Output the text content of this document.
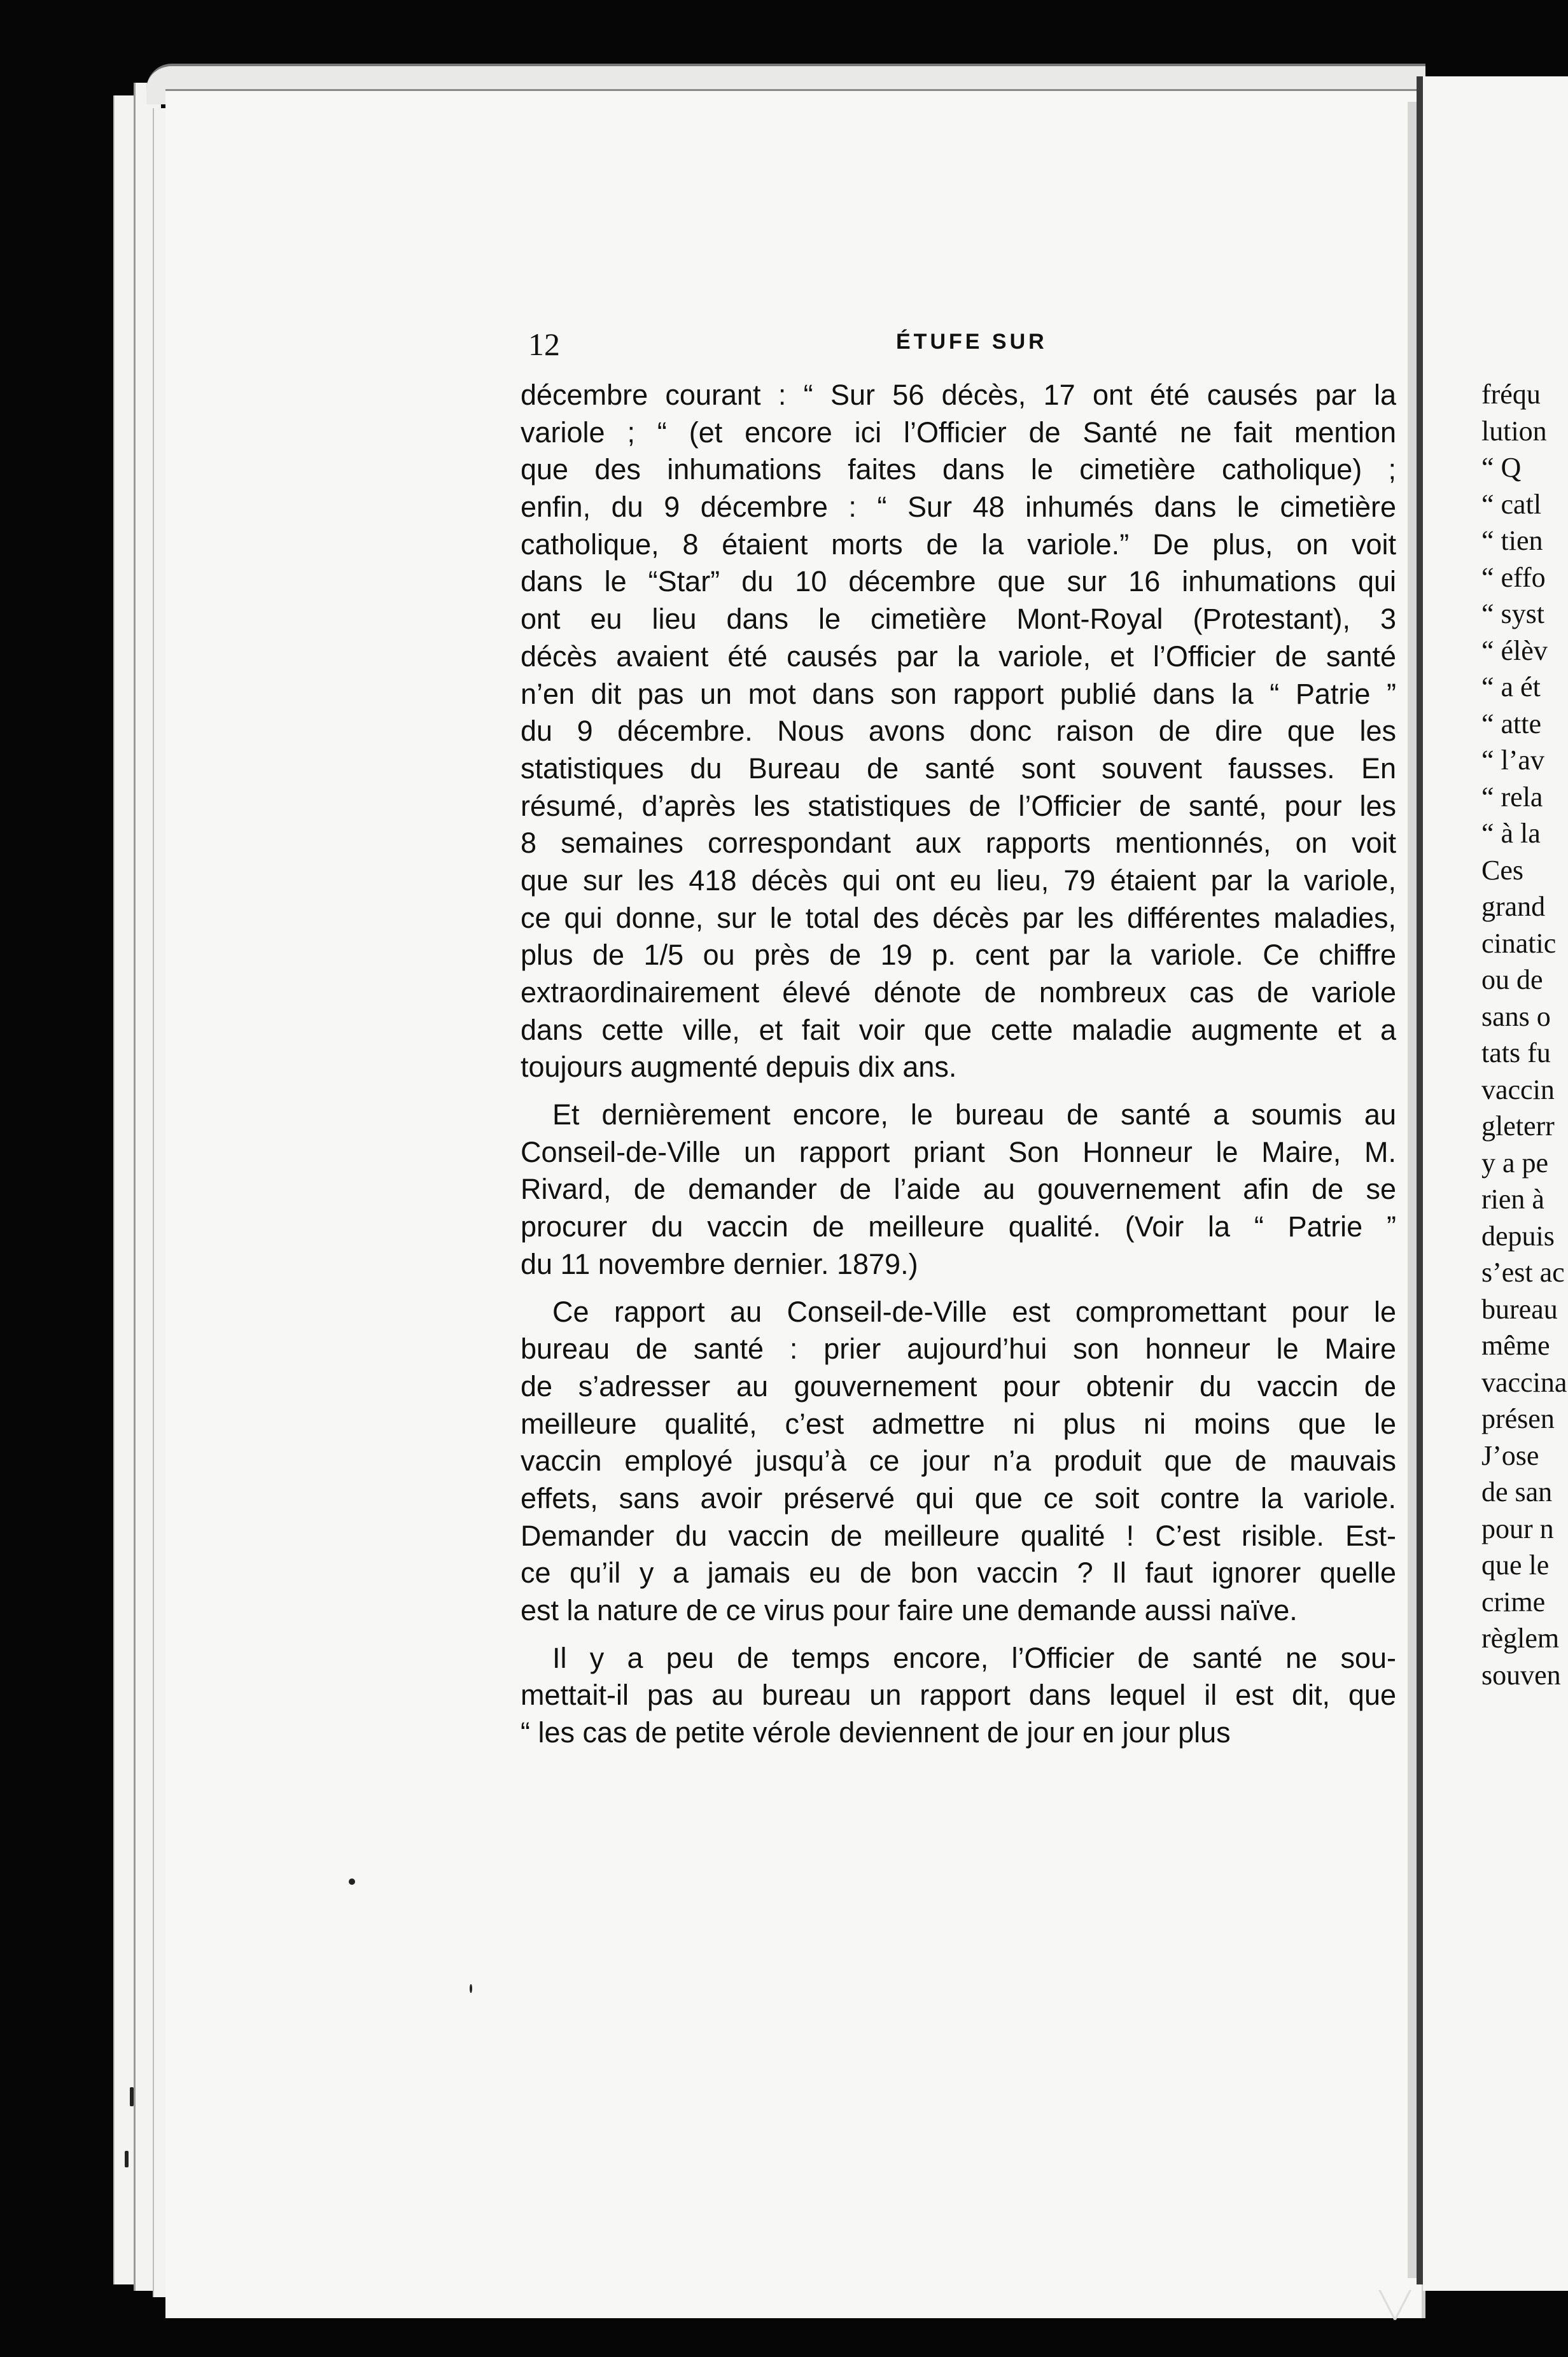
fréqu
lution
“ Q
“ catl
“ tien
“ effo
“ syst
“ élèv
“ a ét
“ atte
“ l’av
“ rela
“ à la
Ces
grand
cinatic
ou de
sans o
tats fu
vaccin
gleterr
y a pe
rien à
depuis
s’est ac
bureau
même
vaccina
présen
J’ose
de san
pour n
que le
crime
règlem
souven
12	ÉTUFE SUR
décembre courant : “ Sur 56 décès, 17 ont été causés par la
variole ; “ (et encore ici l’Officier de Santé ne fait mention
que des inhumations faites dans le cimetière catholique) ;
enfin, du 9 décembre : “ Sur 48 inhumés dans le cimetière
catholique, 8 étaient morts de la variole.” De plus, on voit
dans le “Star” du 10 décembre que sur 16 inhumations qui
ont eu lieu dans le cimetière Mont-Royal (Protestant), 3
décès avaient été causés par la variole, et l’Officier de santé
n’en dit pas un mot dans son rapport publié dans la “ Patrie ”
du 9 décembre. Nous avons donc raison de dire que les
statistiques du Bureau de santé sont souvent fausses. En
résumé, d’après les statistiques de l’Officier de santé, pour les
8 semaines correspondant aux rapports mentionnés, on voit
que sur les 418 décès qui ont eu lieu, 79 étaient par la variole,
ce qui donne, sur le total des décès par les différentes maladies,
plus de 1/5 ou près de 19 p. cent par la variole. Ce chiffre
extraordinairement élevé dénote de nombreux cas de variole
dans cette ville, et fait voir que cette maladie augmente et a
toujours augmenté depuis dix ans.
Et dernièrement encore, le bureau de santé a soumis au
Conseil-de-Ville un rapport priant Son Honneur le Maire, M.
Rivard, de demander de l’aide au gouvernement afin de se
procurer du vaccin de meilleure qualité. (Voir la “ Patrie ”
du 11 novembre dernier. 1879.)
Ce rapport au Conseil-de-Ville est compromettant pour le
bureau de santé : prier aujourd’hui son honneur le Maire
de s’adresser au gouvernement pour obtenir du vaccin de
meilleure qualité, c’est admettre ni plus ni moins que le
vaccin employé jusqu’à ce jour n’a produit que de mauvais
effets, sans avoir préservé qui que ce soit contre la variole.
Demander du vaccin de meilleure qualité ! C’est risible. Est-
ce qu’il y a jamais eu de bon vaccin ? Il faut ignorer quelle
est la nature de ce virus pour faire une demande aussi naïve.
Il y a peu de temps encore, l’Officier de santé ne sou-
mettait-il pas au bureau un rapport dans lequel il est dit, que
“ les cas de petite vérole deviennent de jour en jour plus
╲╱
